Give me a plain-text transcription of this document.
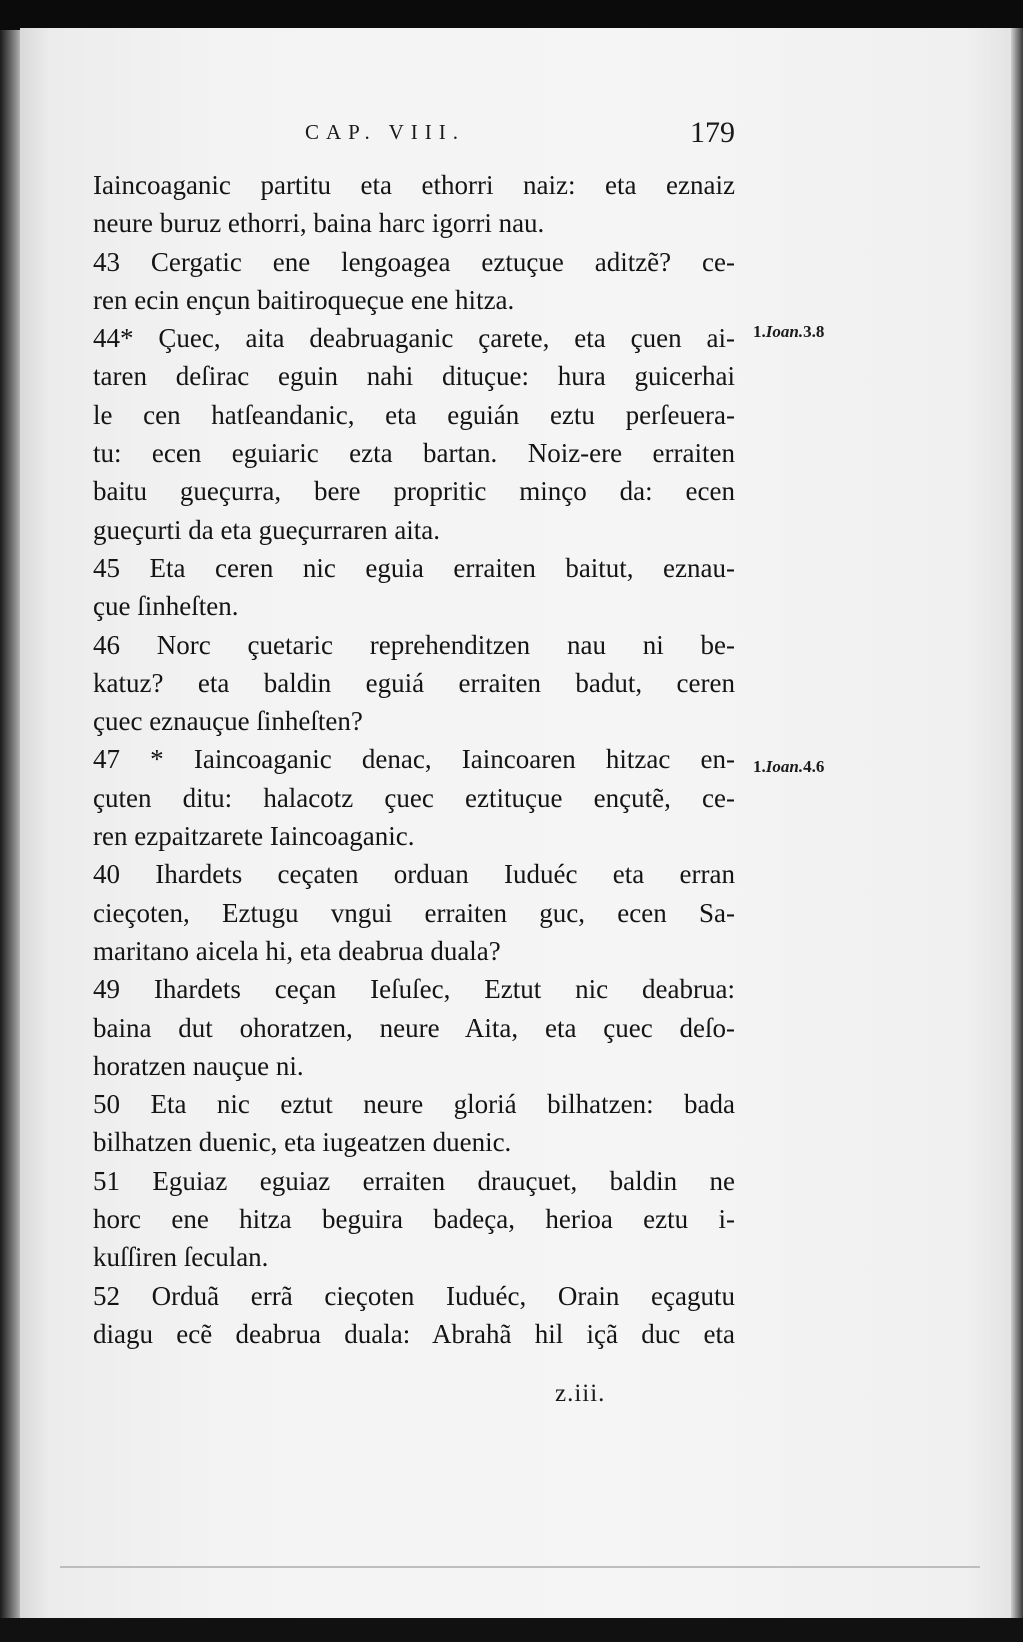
CAP. VIII.	179
Iaincoaganic partitu eta ethorri naiz: eta eznaiz
neure buruz ethorri, baina harc igorri nau.
43 Cergatic ene lengoagea eztuçue aditzẽ? ce-
ren ecin ençun baitiroqueçue ene hitza.
44* Çuec, aita deabruaganic çarete, eta çuen ai-
taren deſirac eguin nahi dituçue: hura guicerhai
le cen hatſeandanic, eta eguián eztu perſeuera-
tu: ecen eguiaric ezta bartan. Noiz-ere erraiten
baitu gueçurra, bere propritic minço da: ecen
gueçurti da eta gueçurraren aita.
45 Eta ceren nic eguia erraiten baitut, eznau-
çue ſinheſten.
46 Norc çuetaric reprehenditzen nau ni be-
katuz? eta baldin eguiá erraiten badut, ceren
çuec eznauçue ſinheſten?
47 * Iaincoaganic denac, Iaincoaren hitzac en-
çuten ditu: halacotz çuec eztituçue ençutẽ, ce-
ren ezpaitzarete Iaincoaganic.
40 Ihardets ceçaten orduan Iuduéc eta erran
cieçoten, Eztugu vngui erraiten guc, ecen Sa-
maritano aicela hi, eta deabrua duala?
49 Ihardets ceçan Ieſuſec, Eztut nic deabrua:
baina dut ohoratzen, neure Aita, eta çuec deſo-
horatzen nauçue ni.
50 Eta nic eztut neure gloriá bilhatzen: bada
bilhatzen duenic, eta iugeatzen duenic.
51 Eguiaz eguiaz erraiten drauçuet, baldin ne
horc ene hitza beguira badeça, herioa eztu i-
kuſſiren ſeculan.
52 Orduã errã cieçoten Iuduéc, Orain eçagutu
diagu ecẽ deabrua duala: Abrahã hil içã duc eta
z.iii.
1.Ioan.3.8
1.Ioan.4.6
